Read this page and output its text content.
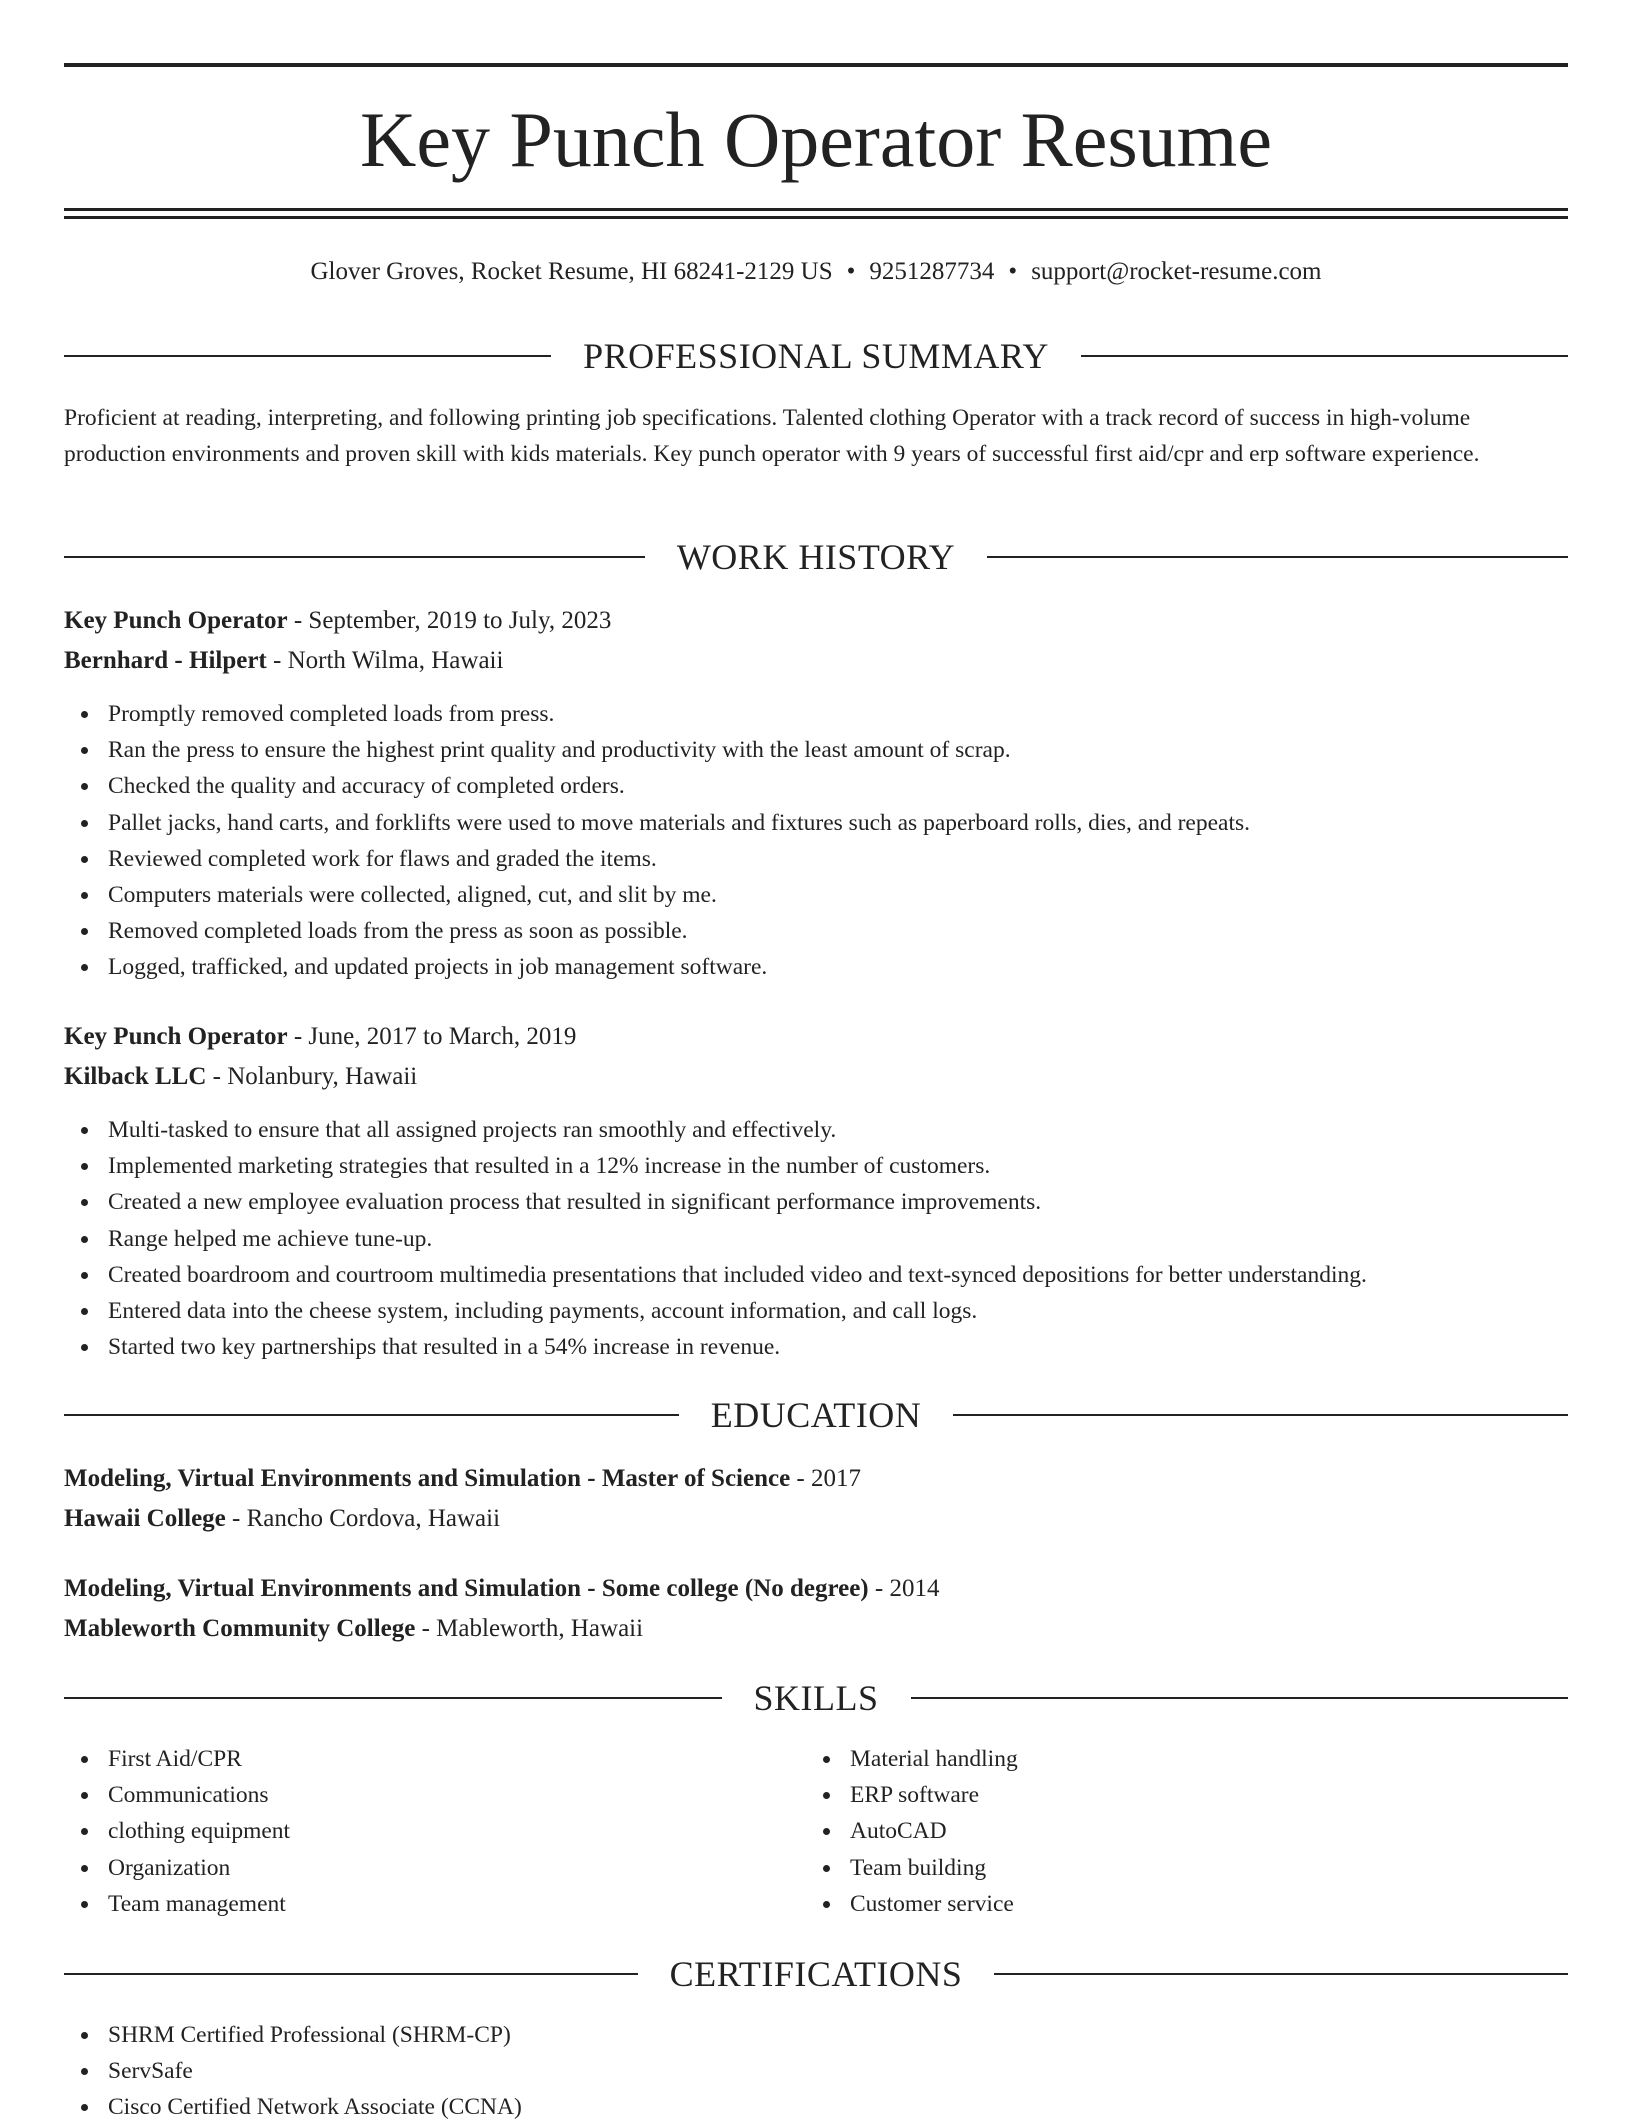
Key Punch Operator Resume
Glover Groves, Rocket Resume, HI 68241-2129 US • 9251287734 • support@rocket-resume.com
PROFESSIONAL SUMMARY
Proficient at reading, interpreting, and following printing job specifications. Talented clothing Operator with a track record of success in high-volume production environments and proven skill with kids materials. Key punch operator with 9 years of successful first aid/cpr and erp software experience.
WORK HISTORY
Key Punch Operator - September, 2019 to July, 2023
Bernhard - Hilpert - North Wilma, Hawaii
Promptly removed completed loads from press.
Ran the press to ensure the highest print quality and productivity with the least amount of scrap.
Checked the quality and accuracy of completed orders.
Pallet jacks, hand carts, and forklifts were used to move materials and fixtures such as paperboard rolls, dies, and repeats.
Reviewed completed work for flaws and graded the items.
Computers materials were collected, aligned, cut, and slit by me.
Removed completed loads from the press as soon as possible.
Logged, trafficked, and updated projects in job management software.
Key Punch Operator - June, 2017 to March, 2019
Kilback LLC - Nolanbury, Hawaii
Multi-tasked to ensure that all assigned projects ran smoothly and effectively.
Implemented marketing strategies that resulted in a 12% increase in the number of customers.
Created a new employee evaluation process that resulted in significant performance improvements.
Range helped me achieve tune-up.
Created boardroom and courtroom multimedia presentations that included video and text-synced depositions for better understanding.
Entered data into the cheese system, including payments, account information, and call logs.
Started two key partnerships that resulted in a 54% increase in revenue.
EDUCATION
Modeling, Virtual Environments and Simulation - Master of Science - 2017
Hawaii College - Rancho Cordova, Hawaii
Modeling, Virtual Environments and Simulation - Some college (No degree) - 2014
Mableworth Community College - Mableworth, Hawaii
SKILLS
First Aid/CPR
Communications
clothing equipment
Organization
Team management
Material handling
ERP software
AutoCAD
Team building
Customer service
CERTIFICATIONS
SHRM Certified Professional (SHRM-CP)
ServSafe
Cisco Certified Network Associate (CCNA)
